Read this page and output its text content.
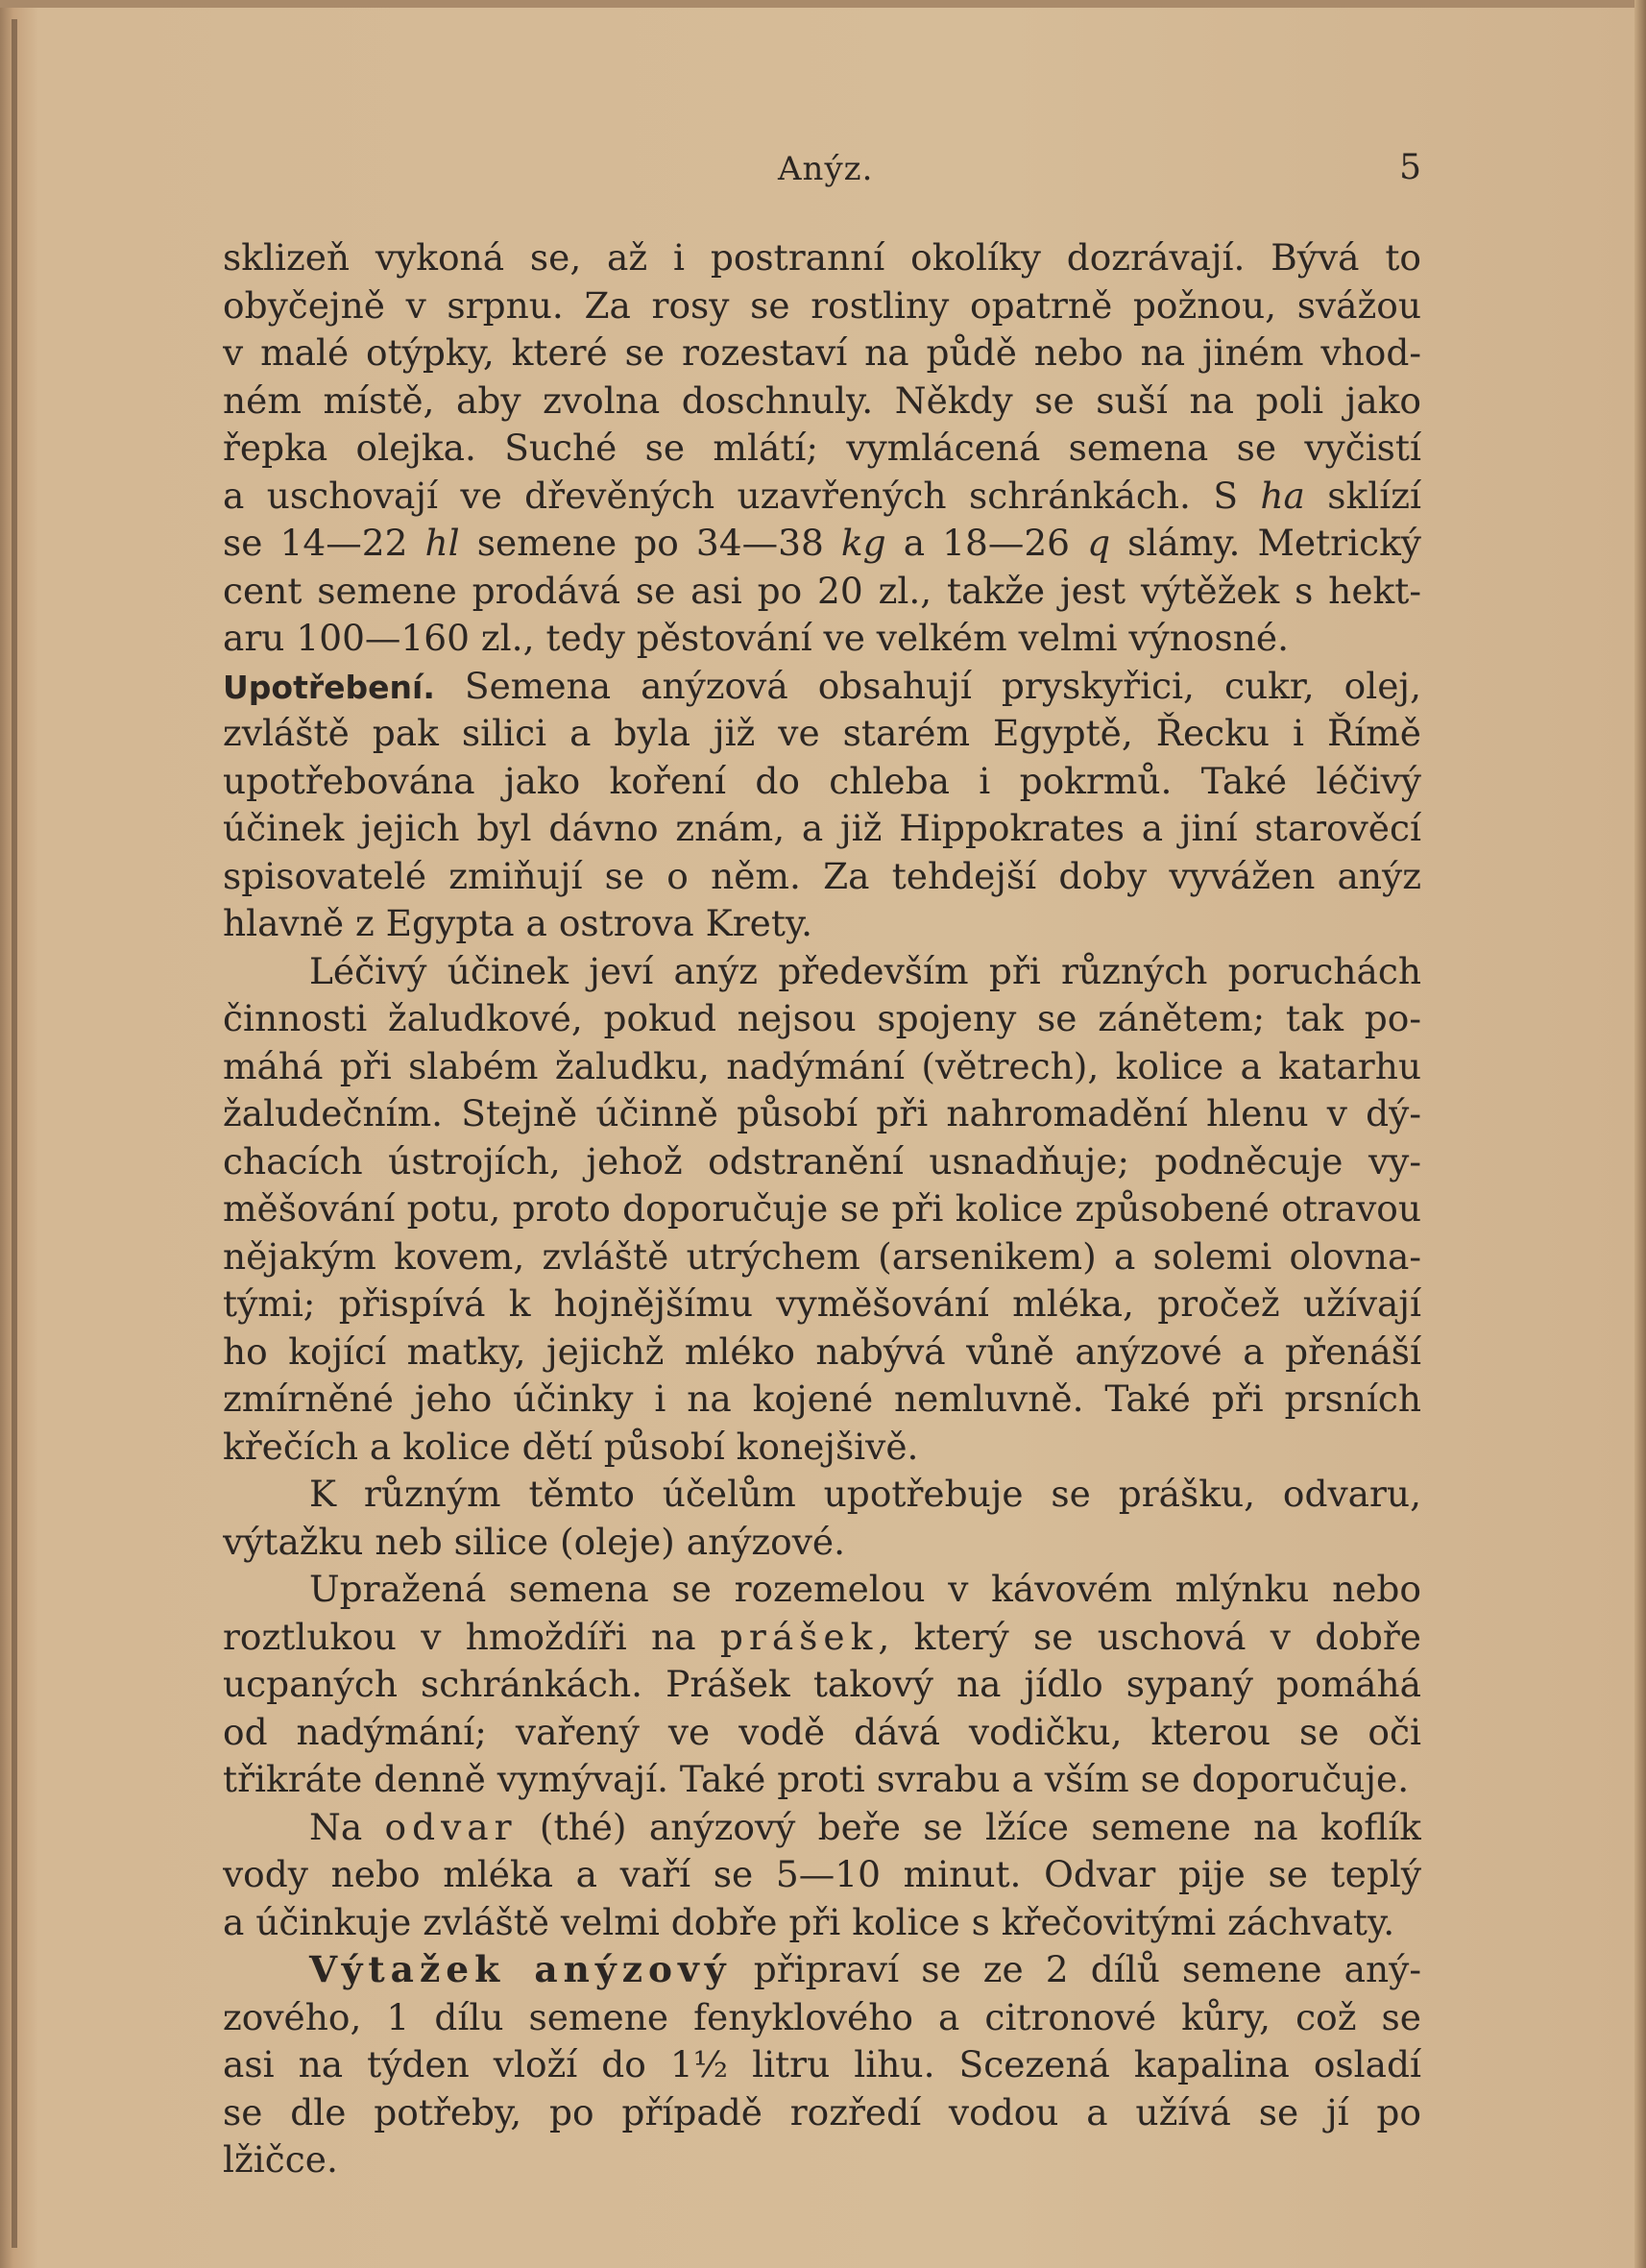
Anýz.	5
sklizeň vykoná se, až i postranní okolíky dozrávají. Bývá to
obyčejně v srpnu. Za rosy se rostliny opatrně požnou, svážou
v malé otýpky, které se rozestaví na půdě nebo na jiném vhod-
ném místě, aby zvolna doschnuly. Někdy se suší na poli jako
řepka olejka. Suché se mlátí; vymlácená semena se vyčistí
a uschovají ve dřevěných uzavřených schránkách. S ha sklízí
se 14—22 hl semene po 34—38 kg a 18—26 q slámy. Metrický
cent semene prodává se asi po 20 zl., takže jest výtěžek s hekt-
aru 100—160 zl., tedy pěstování ve velkém velmi výnosné.
Upotřebení. Semena anýzová obsahují pryskyřici, cukr, olej,
zvláště pak silici a byla již ve starém Egyptě, Řecku i Římě
upotřebována jako koření do chleba i pokrmů. Také léčivý
účinek jejich byl dávno znám, a již Hippokrates a jiní starověcí
spisovatelé zmiňují se o něm. Za tehdejší doby vyvážen anýz
hlavně z Egypta a ostrova Krety.
Léčivý účinek jeví anýz především při různých poruchách
činnosti žaludkové, pokud nejsou spojeny se zánětem; tak po-
máhá při slabém žaludku, nadýmání (větrech), kolice a katarhu
žaludečním. Stejně účinně působí při nahromadění hlenu v dý-
chacích ústrojích, jehož odstranění usnadňuje; podněcuje vy-
měšování potu, proto doporučuje se při kolice způsobené otravou
nějakým kovem, zvláště utrýchem (arsenikem) a solemi olovna-
tými; přispívá k hojnějšímu vyměšování mléka, pročež užívají
ho kojící matky, jejichž mléko nabývá vůně anýzové a přenáší
zmírněné jeho účinky i na kojené nemluvně. Také při prsních
křečích a kolice dětí působí konejšivě.
K různým těmto účelům upotřebuje se prášku, odvaru,
výtažku neb silice (oleje) anýzové.
Upražená semena se rozemelou v kávovém mlýnku nebo
roztlukou v hmoždíři na prášek, který se uschová v dobře
ucpaných schránkách. Prášek takový na jídlo sypaný pomáhá
od nadýmání; vařený ve vodě dává vodičku, kterou se oči
třikráte denně vymývají. Také proti svrabu a vším se doporučuje.
Na odvar (thé) anýzový beře se lžíce semene na koflík
vody nebo mléka a vaří se 5—10 minut. Odvar pije se teplý
a účinkuje zvláště velmi dobře při kolice s křečovitými záchvaty.
Výtažek anýzový připraví se ze 2 dílů semene aný-
zového, 1 dílu semene fenyklového a citronové kůry, což se
asi na týden vloží do 1½ litru lihu. Scezená kapalina osladí
se dle potřeby, po případě rozředí vodou a užívá se jí po
lžičce.
